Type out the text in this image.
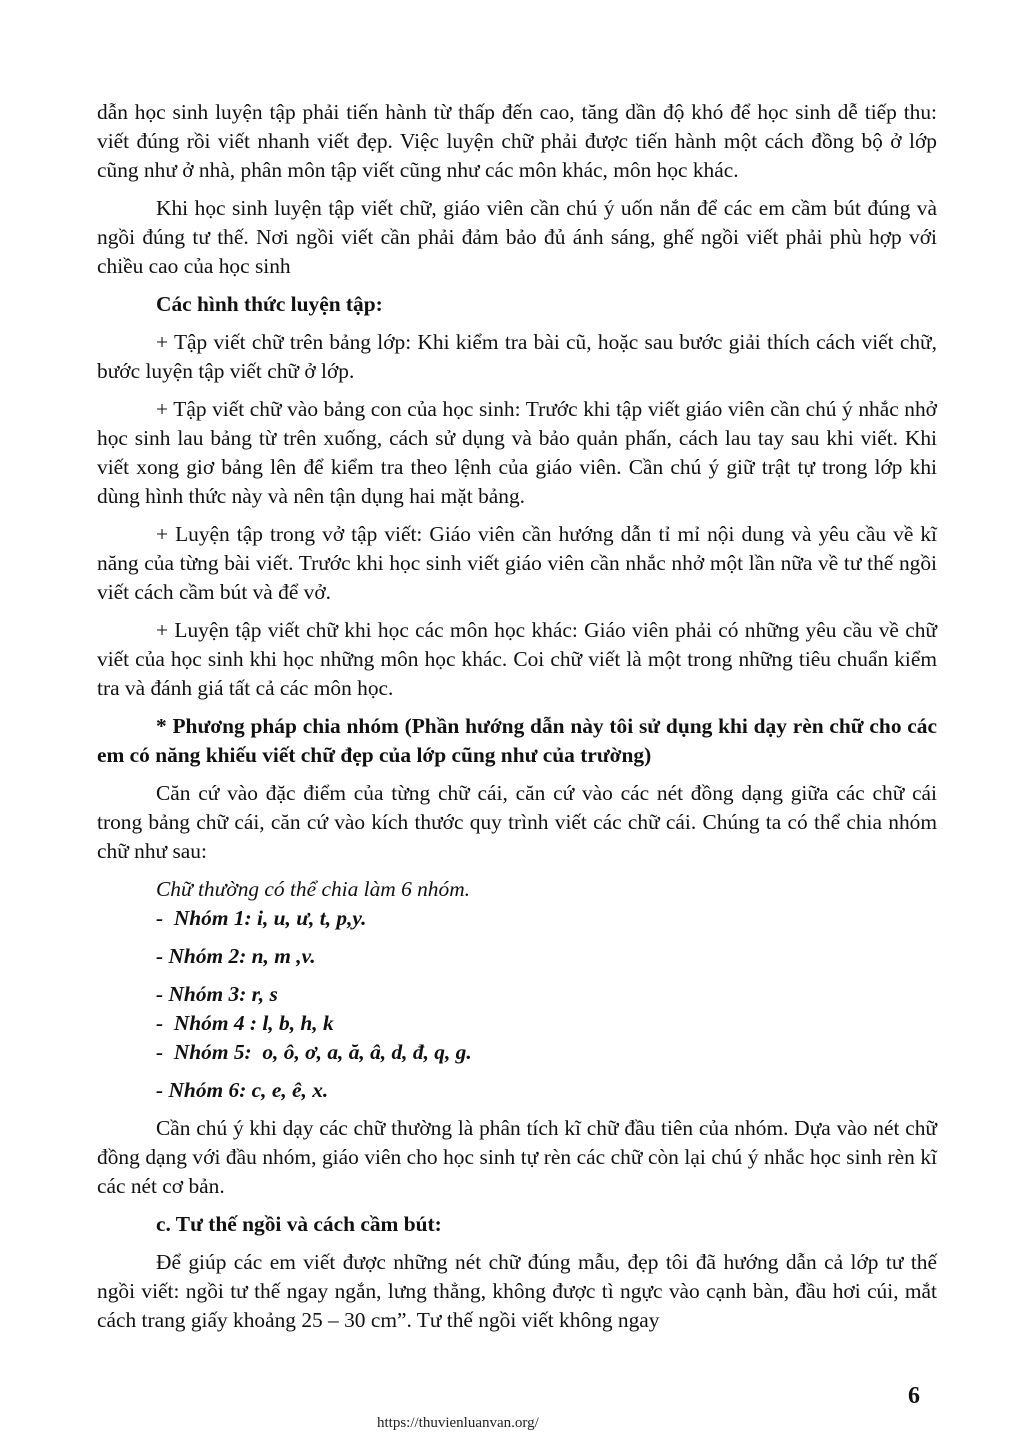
dẫn học sinh luyện tập phải tiến hành từ thấp đến cao, tăng dần độ khó để học sinh dễ tiếp thu: viết đúng rồi viết nhanh viết đẹp. Việc luyện chữ phải được tiến hành một cách đồng bộ ở lớp cũng như ở nhà, phân môn tập viết cũng như các môn khác, môn học khác.

Khi học sinh luyện tập viết chữ, giáo viên cần chú ý uốn nắn để các em cầm bút đúng và ngồi đúng tư thế. Nơi ngồi viết cần phải đảm bảo đủ ánh sáng, ghế ngồi viết phải phù hợp với chiều cao của học sinh

Các hình thức luyện tập:

+ Tập viết chữ trên bảng lớp: Khi kiểm tra bài cũ, hoặc sau bước giải thích cách viết chữ, bước luyện tập viết chữ ở lớp.

+ Tập viết chữ vào bảng con của học sinh: Trước khi tập viết giáo viên cần chú ý nhắc nhở học sinh lau bảng từ trên xuống, cách sử dụng và bảo quản phấn, cách lau tay sau khi viết. Khi viết xong giơ bảng lên để kiểm tra theo lệnh của giáo viên. Cần chú ý giữ trật tự trong lớp khi dùng hình thức này và nên tận dụng hai mặt bảng.

+ Luyện tập trong vở tập viết: Giáo viên cần hướng dẫn tỉ mỉ nội dung và yêu cầu về kĩ năng của từng bài viết. Trước khi học sinh viết giáo viên cần nhắc nhở một lần nữa về tư thế ngồi viết cách cầm bút và để vở.

+ Luyện tập viết chữ khi học các môn học khác: Giáo viên phải có những yêu cầu về chữ viết của học sinh khi học những môn học khác. Coi chữ viết là một trong những tiêu chuẩn kiểm tra và đánh giá tất cả các môn học.

* Phương pháp chia nhóm (Phần hướng dẫn này tôi sử dụng khi dạy rèn chữ cho các em có năng khiếu viết chữ đẹp của lớp cũng như của trường)

Căn cứ vào đặc điểm của từng chữ cái, căn cứ vào các nét đồng dạng giữa các chữ cái trong bảng chữ cái, căn cứ vào kích thước quy trình viết các chữ cái. Chúng ta có thể chia nhóm chữ như sau:

Chữ thường có thể chia làm 6 nhóm.

-  Nhóm 1: i, u, ư, t, p,y.

- Nhóm 2: n, m ,v.

- Nhóm 3: r, s

-  Nhóm 4 : l, b, h, k

-  Nhóm 5:  o, ô, ơ, a, ă, â, d, đ, q, g.

- Nhóm 6: c, e, ê, x.

Cần chú ý khi dạy các chữ thường là phân tích kĩ chữ đầu tiên của nhóm. Dựa vào nét chữ đồng dạng với đầu nhóm, giáo viên cho học sinh tự rèn các chữ còn lại chú ý nhắc học sinh rèn kĩ các nét cơ bản.

c. Tư thế ngồi và cách cầm bút:

Để giúp các em viết được những nét chữ đúng mẫu, đẹp tôi đã hướng dẫn cả lớp tư thế ngồi viết: ngồi tư thế ngay ngắn, lưng thẳng, không được tì ngực vào cạnh bàn, đầu hơi cúi, mắt cách trang giấy khoảng 25 – 30 cm”. Tư thế ngồi viết không ngay

6
https://thuvienluanvan.org/
